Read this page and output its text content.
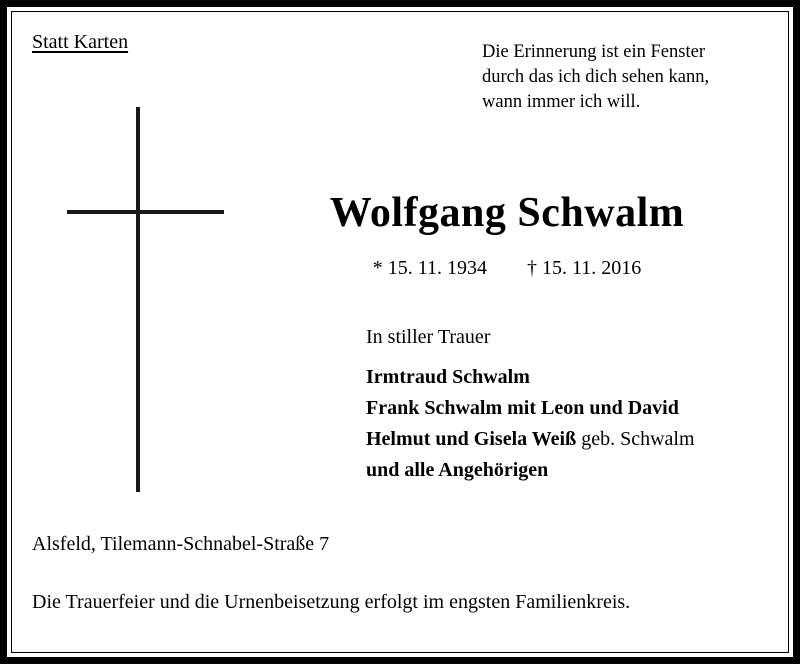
Statt Karten	Die Erinnerung ist ein Fenster
durch das ich dich sehen kann,
wann immer ich will.
Wolfgang Schwalm
* 15. 11. 1934 † 15. 11. 2016
In stiller Trauer
Irmtraud Schwalm
Frank Schwalm mit Leon und David
Helmut und Gisela Weiß geb. Schwalm
und alle Angehörigen
Alsfeld, Tilemann-Schnabel-Straße 7
Die Trauerfeier und die Urnenbeisetzung erfolgt im engsten Familienkreis.
